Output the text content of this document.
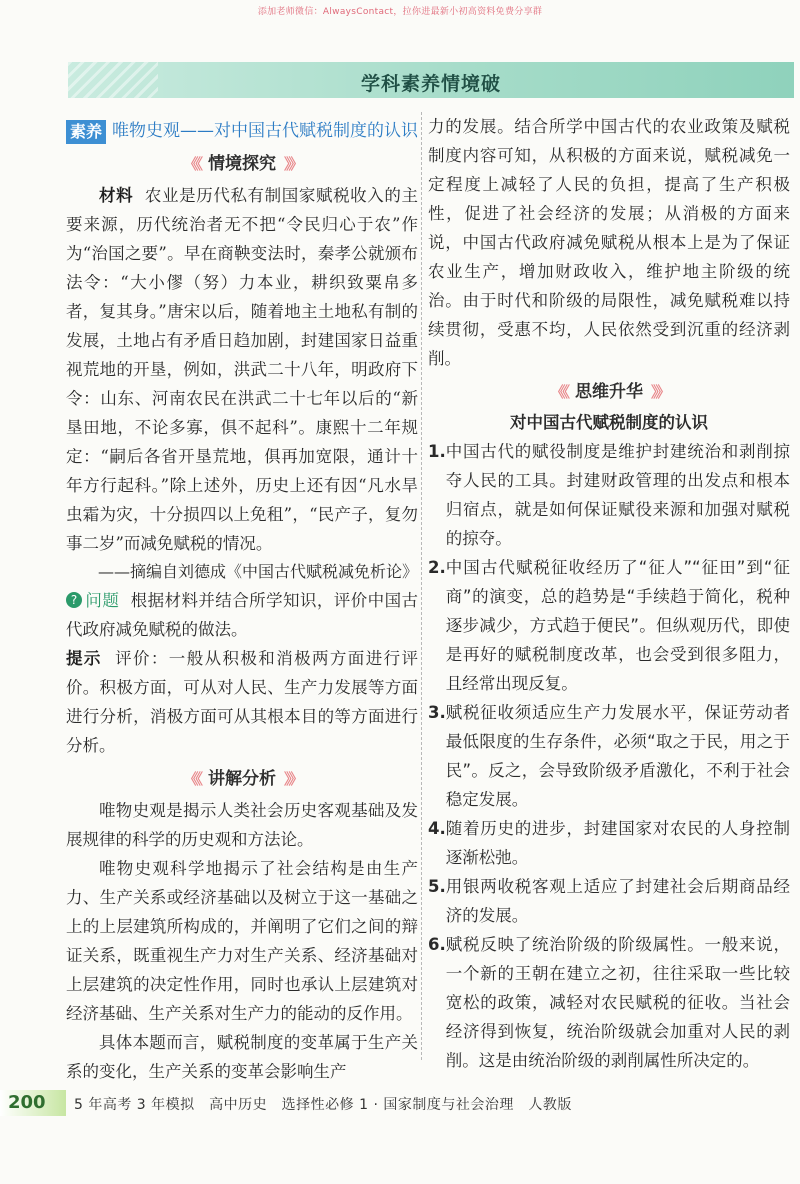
添加老师微信：AlwaysContact，拉你进最新小初高资料免费分享群
学科素养情境破
素养 唯物史观——对中国古代赋税制度的认识
《《 情境探究 》》

材料 农业是历代私有制国家赋税收入的主要来源，历代统治者无不把“令民归心于农”作为“治国之要”。早在商鞅变法时，秦孝公就颁布法令：“大小僇（努）力本业，耕织致粟帛多者，复其身。”唐宋以后，随着地主土地私有制的发展，土地占有矛盾日趋加剧，封建国家日益重视荒地的开垦，例如，洪武二十八年，明政府下令：山东、河南农民在洪武二十七年以后的“新垦田地，不论多寡，俱不起科”。康熙十二年规定：“嗣后各省开垦荒地，俱再加宽限，通计十年方行起科。”除上述外，历史上还有因“凡水旱虫霜为灾，十分损四以上免租”，“民产子，复勿事二岁”而减免赋税的情况。

——摘编自刘德成《中国古代赋税减免析论》

? 问题 根据材料并结合所学知识，评价中国古代政府减免赋税的做法。

提示 评价：一般从积极和消极两方面进行评价。积极方面，可从对人民、生产力发展等方面进行分析，消极方面可从其根本目的等方面进行分析。

《《 讲解分析 》》

唯物史观是揭示人类社会历史客观基础及发展规律的科学的历史观和方法论。

唯物史观科学地揭示了社会结构是由生产力、生产关系或经济基础以及树立于这一基础之上的上层建筑所构成的，并阐明了它们之间的辩证关系，既重视生产力对生产关系、经济基础对上层建筑的决定性作用，同时也承认上层建筑对经济基础、生产关系对生产力的能动的反作用。

具体本题而言，赋税制度的变革属于生产关系的变化，生产关系的变革会影响生产

力的发展。结合所学中国古代的农业政策及赋税制度内容可知，从积极的方面来说，赋税减免一定程度上减轻了人民的负担，提高了生产积极性，促进了社会经济的发展；从消极的方面来说，中国古代政府减免赋税从根本上是为了保证农业生产，增加财政收入，维护地主阶级的统治。由于时代和阶级的局限性，减免赋税难以持续贯彻，受惠不均，人民依然受到沉重的经济剥削。

《《 思维升华 》》
对中国古代赋税制度的认识
1. 中国古代的赋役制度是维护封建统治和剥削掠夺人民的工具。封建财政管理的出发点和根本归宿点，就是如何保证赋役来源和加强对赋税的掠夺。
2. 中国古代赋税征收经历了“征人”“征田”到“征商”的演变，总的趋势是“手续趋于简化，税种逐步减少，方式趋于便民”。但纵观历代，即使是再好的赋税制度改革，也会受到很多阻力，且经常出现反复。
3. 赋税征收须适应生产力发展水平，保证劳动者最低限度的生存条件，必须“取之于民，用之于民”。反之，会导致阶级矛盾激化，不利于社会稳定发展。
4. 随着历史的进步，封建国家对农民的人身控制逐渐松弛。
5. 用银两收税客观上适应了封建社会后期商品经济的发展。
6. 赋税反映了统治阶级的阶级属性。一般来说，一个新的王朝在建立之初，往往采取一些比较宽松的政策，减轻对农民赋税的征收。当社会经济得到恢复，统治阶级就会加重对人民的剥削。这是由统治阶级的剥削属性所决定的。
200 5 年高考 3 年模拟　高中历史　选择性必修 1 · 国家制度与社会治理　人教版
